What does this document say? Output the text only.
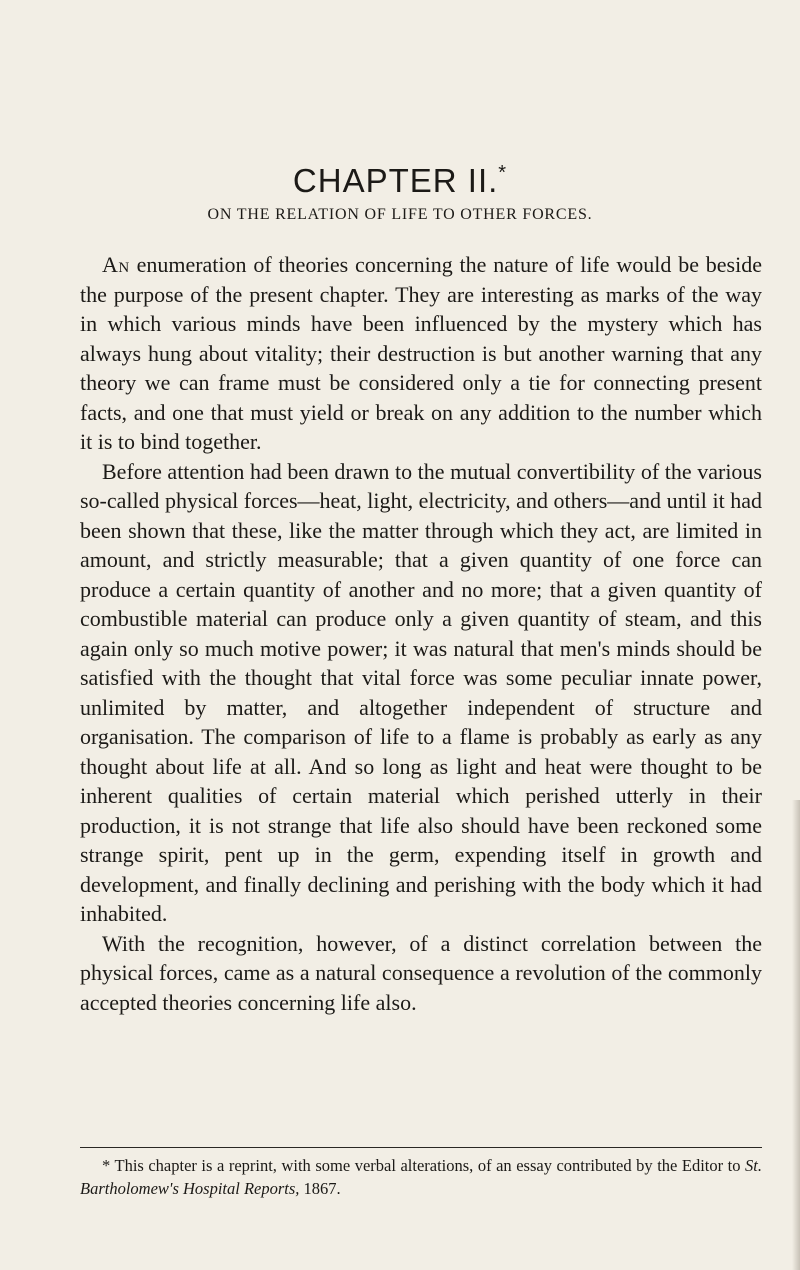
CHAPTER II.*
ON THE RELATION OF LIFE TO OTHER FORCES.

An enumeration of theories concerning the nature of life would be beside the purpose of the present chapter. They are interesting as marks of the way in which various minds have been influenced by the mystery which has always hung about vitality; their destruction is but another warning that any theory we can frame must be considered only a tie for connecting present facts, and one that must yield or break on any addition to the number which it is to bind together.

Before attention had been drawn to the mutual convertibility of the various so-called physical forces—heat, light, electricity, and others—and until it had been shown that these, like the matter through which they act, are limited in amount, and strictly measurable; that a given quantity of one force can produce a certain quantity of another and no more; that a given quantity of combustible material can produce only a given quantity of steam, and this again only so much motive power; it was natural that men's minds should be satisfied with the thought that vital force was some peculiar innate power, unlimited by matter, and altogether independent of structure and organisation. The comparison of life to a flame is probably as early as any thought about life at all. And so long as light and heat were thought to be inherent qualities of certain material which perished utterly in their production, it is not strange that life also should have been reckoned some strange spirit, pent up in the germ, expending itself in growth and development, and finally declining and perishing with the body which it had inhabited.

With the recognition, however, of a distinct correlation between the physical forces, came as a natural consequence a revolution of the commonly accepted theories concerning life also.

* This chapter is a reprint, with some verbal alterations, of an essay contributed by the Editor to St. Bartholomew's Hospital Reports, 1867.
